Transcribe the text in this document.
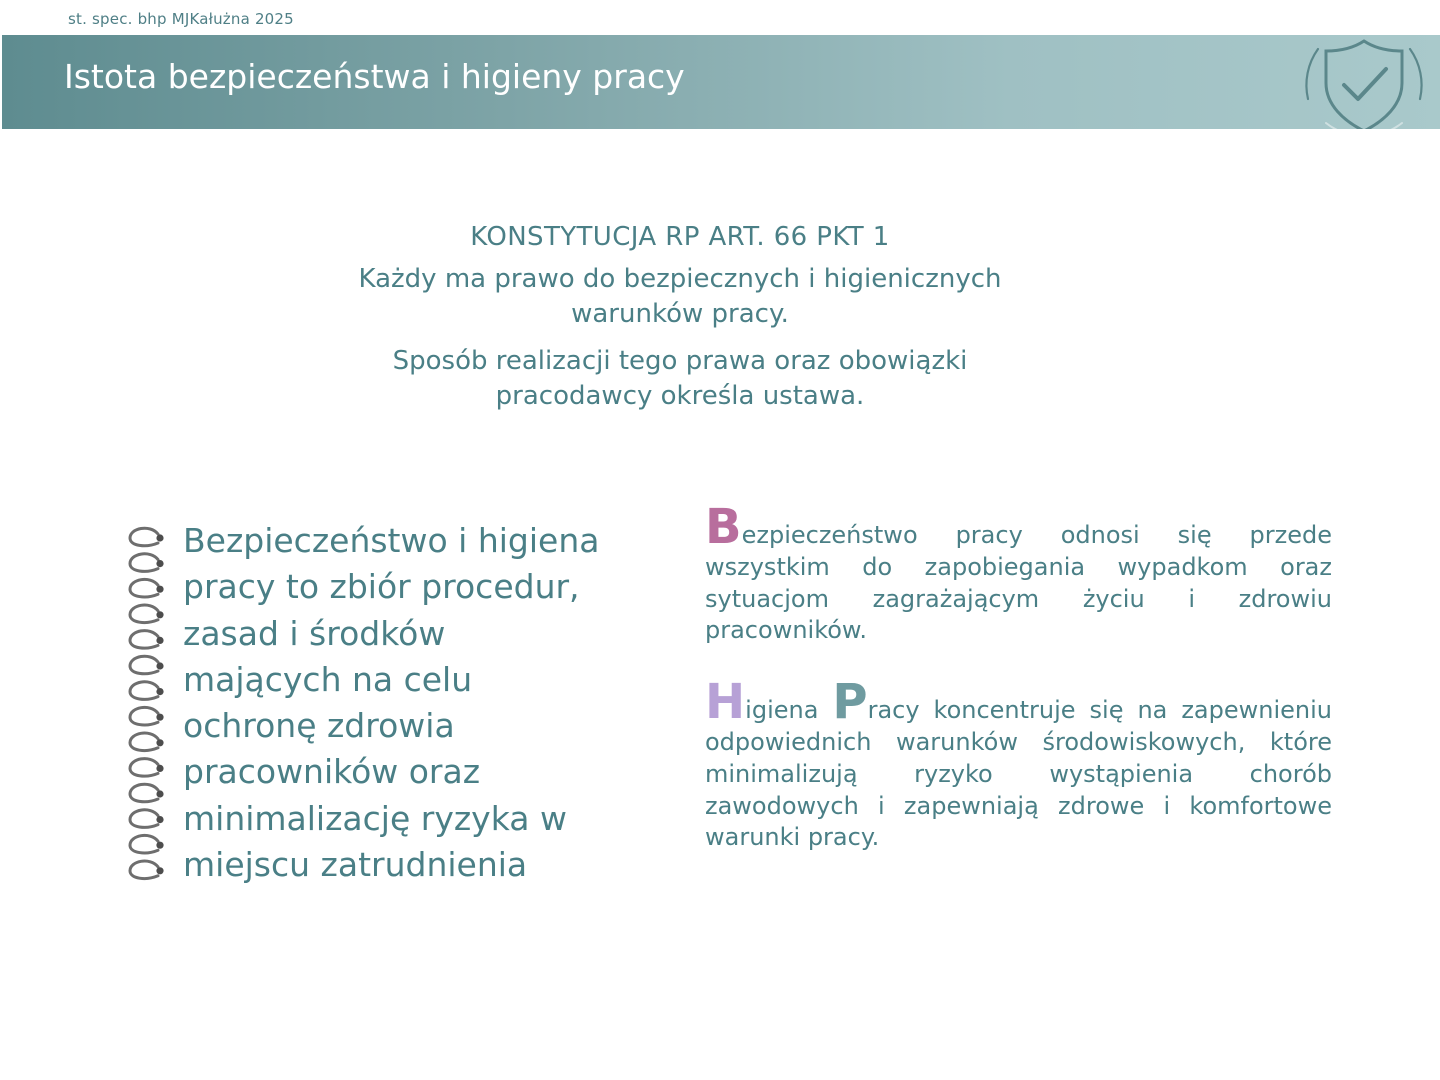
st. spec. bhp MJKałużna 2025
Istota bezpieczeństwa i higieny pracy
KONSTYTUCJA RP ART. 66 PKT 1
Każdy ma prawo do bezpiecznych i higienicznych warunków pracy.
Sposób realizacji tego prawa oraz obowiązki pracodawcy określa ustawa.
Bezpieczeństwo i higiena pracy to zbiór procedur, zasad i środków mających na celu ochronę zdrowia pracowników oraz minimalizację ryzyka w miejscu zatrudnienia

Bezpieczeństwo pracy odnosi się przede wszystkim do zapobiegania wypadkom oraz sytuacjom zagrażającym życiu i zdrowiu pracowników.

Higiena Pracy koncentruje się na zapewnieniu odpowiednich warunków środowiskowych, które minimalizują ryzyko wystąpienia chorób zawodowych i zapewniają zdrowe i komfortowe warunki pracy.
